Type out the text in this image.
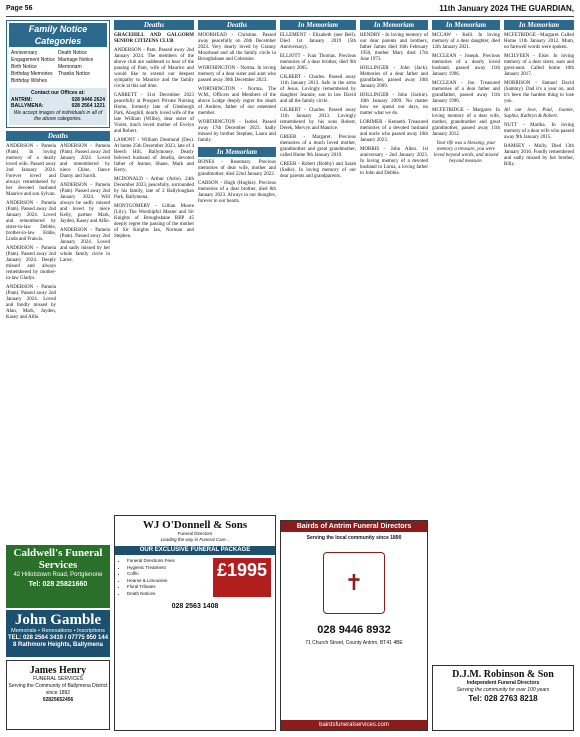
Page 56	11th January 2024 THE GUARDIAN,
Family Notice Categories
Anniversary	Death Notice
Engagement Notice Marriage Notice
Birth Notice	Memoriam
Birthday Memories	Thanks Notice
Birthday Wishes
Contact our Offices at:
ANTRIM:	028 9446 2624
BALLYMENA:	028 2564 1221
We accept images of individuals in all of the above categories.
Deaths

ANDERSON - Pamela (Pam). In loving memory of a dearly loved wife. Passed away 2nd January 2024. Forever loved and always remembered by her devoted husband Maurice and son Sylvan.

ANDERSON - Pamela (Pam). Passed away 2nd January 2024. Loved and remembered by sister-in-law Debbie, brother-in-law Eddie, Linda and Francis.

ANDERSON - Pamela (Pam). Passed away 2nd January 2024. Deeply missed and always remembered by mother-in-law Gladys.

ANDERSON - Pamela (Pam). Passed away 2nd January 2024. Loved and fondly missed by Alan, Mark, Jayden, Kasey and Alfie.

ANDERSON - Pamela (Pam). Passed away 2nd January 2024. Loved and remembered by niece Chloe, fiance Danny and Sarrdi.

ANDERSON - Pamela (Pam). Passed away 2nd January 2024. Will always be sadly missed and loved by niece Kelly, partner Mark, Jayden, Kasey and Alfie.

ANDERSON - Pamela (Pam). Passed away 2nd January 2024. Loved and sadly missed by her whole family circle in Larne.

Caldwell's Funeral Services
42 Hillotstown Road, Portglenone
Tel: 028 25821660
John Gamble
Memorials • Renovations • Inscriptions
TEL: 028 2564 3419 / 07775 950 144
8 Rathmore Heights, Ballymena
James Henry
FUNERAL SERVICES
Serving the Community of Ballymena District since 1892
02825652456
Deaths

GRACEHILL AND GALGORM SENIOR CITIZENS CLUB

ANDERSON - Pam. Passed away 2nd January 2024. The members of the above club are saddened to hear of the passing of Pam, wife of Maurice and would like to extend our deepest sympathy to Maurice and the family circle at this sad time.

GARRETT - 31st December 2023 peacefully at Prospect Private Nursing Home, formerly late of Glenburgh Park, Ahoghill, dearly loved wife of the late William (Willie), dear sister of Violet, much loved mother of Evelyn and Robert.

LAMONT - William Desmond (Des). At home 25th December 2023, late of 4 Beech Hill, Ballymoney. Dearly beloved husband of Jenella, devoted father of Jeanne, Shane, Mark and Kerry.

MCDONALD - Arthur (Artie). 24th December 2023, peacefully, surrounded by his family, late of 2 Ballyloughan Park, Ballymena.

MONTGOMERY - Lillian Moore (Lily). The Worshipful Master and Sir Knights of Broughshane RBP 45 deeply regret the passing of the mother of Sir Knights Ian, Norman and Stephen.

Deaths

MOORHEAD - Christine. Passed away peacefully on 26th December 2023. Very dearly loved by Granny Moorhead and all the family circle in Broughshane and Coleraine.

WORTHINGTON - Norma. In loving memory of a dear sister and aunt who passed away 30th December 2023.

WORTHINGTON - Norma. The W.M., Officers and Members of the above Lodge deeply regret the death of Andrew, father of our esteemed member.

WORTHINGTON - Isobel. Passed away 17th December 2023. Sadly missed by brother Stephen, Laura and family.

In Memoriam

BONES - Rosemary. Precious memories of dear wife, mother and grandmother, died 22nd January 2022.

CARSON - Hugh (Hughie). Precious memories of a dear brother, died 8th January 2023. Always in our thoughts, forever in our hearts.

WJ O'Donnell & Sons
Funeral Directors
Leading the way in Funeral Care...
OUR EXCLUSIVE FUNERAL PACKAGE
• Funeral Directions Fees
• Hygienic Treatment
• Coffin
• Hearse & Limousine
• Floral Tributes
• Death Notices
£1995
028 2563 1408
In Memoriam

ELLEMENT - Elizabeth (nee Bell). Died 1st January 2019 (5th Anniversary).

ELLIOTT - Ivan Thomas. Precious memories of a dear brother, died 9th January 2005.

GILBERT - Charles. Passed away 11th January 2013. Safe in the arms of Jesus. Lovingly remembered by daughter Jeannie, son in law David and all the family circle.

GILBERT - Charles. Passed away 11th January 2013. Lovingly remembered by his sons Robert, Derek, Mervyn and Maurice.

GREER - Margaret. Precious memories of a much loved mother, grandmother and great grandmother, called Home 9th January 2019.

GREER - Robert (Bobby) and Sarah (Sadie). In loving memory of our dear parents and grandparents.

Bairds of Antrim Funeral Directors
Serving the local community since 1890
✝
028 9446 8932
71 Church Street, County Antrim, BT41 4BE
bairdsfuneralservices.com
In Memoriam

HENDRY - In loving memory of our dear parents and brothers, father James died 16th February 1958, mother Mary died 17th June 1973.

HOLLINGER - John (Jack). Memories of a dear father and grandfather, passed away 10th January 2009.

HOLLINGER - John (Jackie). 10th January 2009. No matter how we spend our days, no matter what we do.

LORIMER - Kenneth. Treasured memories of a devoted husband and uncle who passed away 10th January 2023.

MORRIS - John Allen. 1st anniversary - 2nd January 2023. In loving memory of a devoted husband to Lorna, a loving father to John and Debbie.

In Memoriam

MCCAW - Kelli. In loving memory of a dear daughter, died 12th January 2021.

MCCLEAN - Joseph. Precious memories of a dearly loved husband, passed away 11th January 1996.

MCCLEAN - Joe. Treasured memories of a dear father and grandfather, passed away 11th January 1996.

MCFETRIDGE - Margaret. In loving memory of a dear wife, mother, grandmother and great grandmother, passed away 11th January 2012.

Your life was a blessing, your memory a treasure, you were loved beyond words, and missed beyond measure.

In Memoriam

MCFETRIDGE - Margaret. Called Home 11th January 2012. Mum, no farewell words were spoken.

MCILVEEN - Elsie. In loving memory of a dear sister, aunt and great-aunt. Called home 10th January 2017.

MORRISON - Samuel David (Sammy). Dad it's a year on, and it's been the hardest thing to lose you.

All our love, Paul, Joanne, Sophia, Kathryn & Robert.

NUTT - Martha. In loving memory of a dear wife who passed away 9th January 2015.

RAMSEY - Molly. Died 13th January 2016. Fondly remembered and sadly missed by her brother, Billy.

D.J.M. Robinson & Son
Independent Funeral Directors
Serving the community for over 100 years
Tel: 028 2763 8218
